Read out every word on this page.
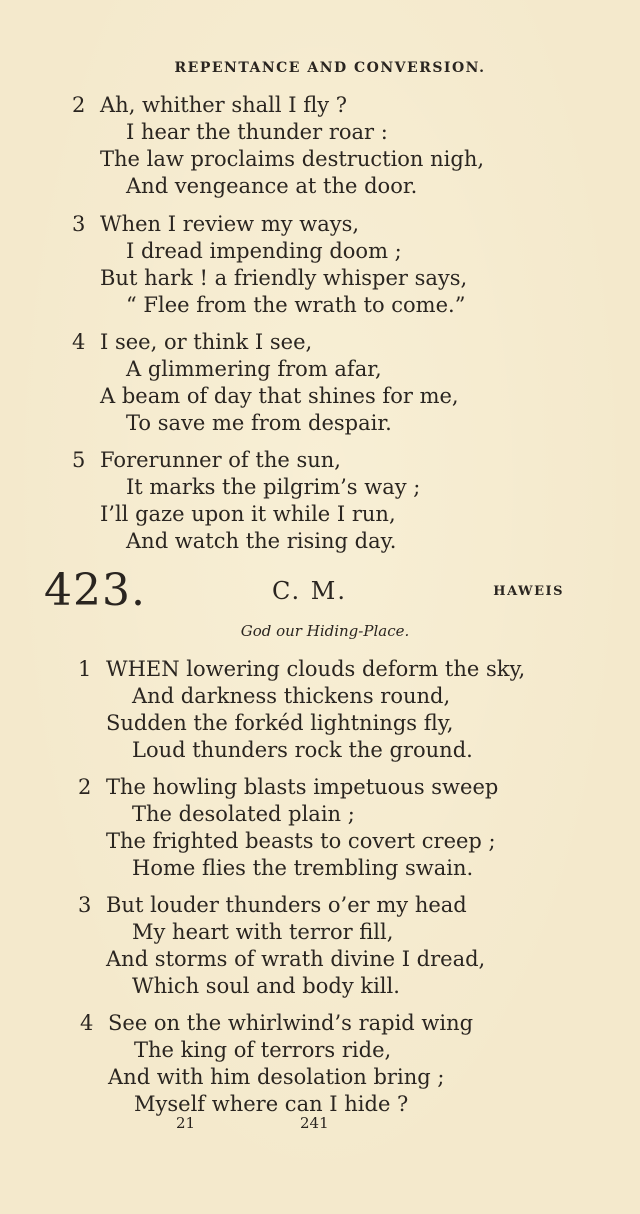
REPENTANCE AND CONVERSION.
2 Ah, whither shall I fly ?
I hear the thunder roar :
The law proclaims destruction nigh,
And vengeance at the door.
3 When I review my ways,
I dread impending doom ;
But hark ! a friendly whisper says,
“ Flee from the wrath to come.”
4 I see, or think I see,
A glimmering from afar,
A beam of day that shines for me,
To save me from despair.
5 Forerunner of the sun,
It marks the pilgrim’s way ;
I’ll gaze upon it while I run,
And watch the rising day.
423.	C. M.	HAWEIS
God our Hiding-Place.
1 WHEN lowering clouds deform the sky,
And darkness thickens round,
Sudden the forkéd lightnings fly,
Loud thunders rock the ground.
2 The howling blasts impetuous sweep
The desolated plain ;
The frighted beasts to covert creep ;
Home flies the trembling swain.
3 But louder thunders o’er my head
My heart with terror fill,
And storms of wrath divine I dread,
Which soul and body kill.
4 See on the whirlwind’s rapid wing
The king of terrors ride,
And with him desolation bring ;
Myself where can I hide ?
21	241
